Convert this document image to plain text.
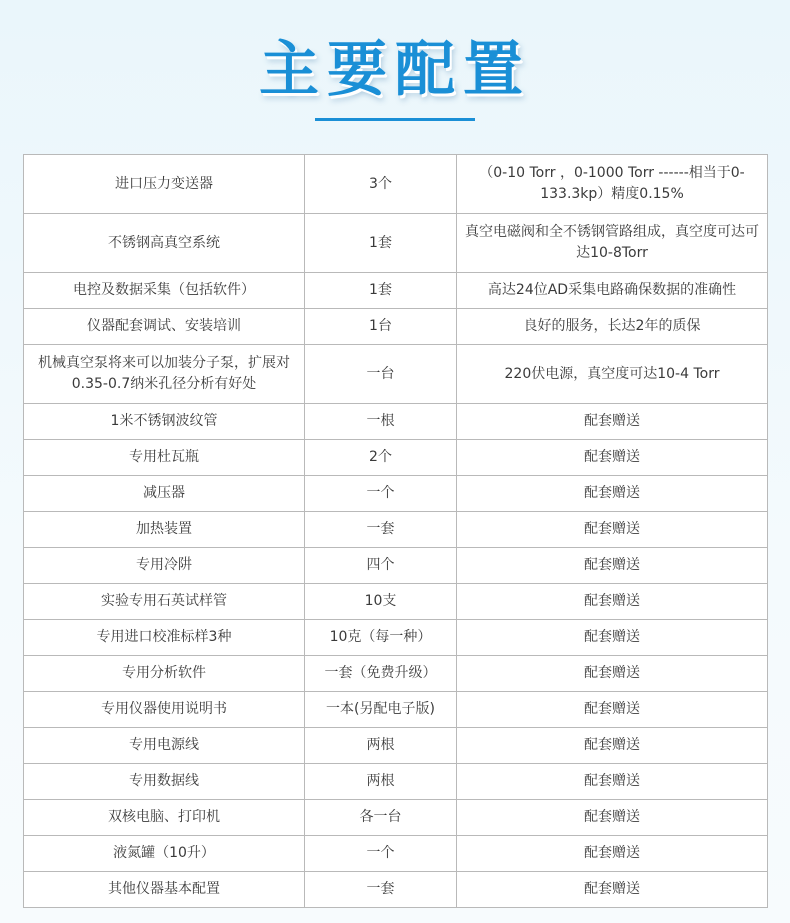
主要配置
进口压力变送器	3个	（0-10 Torr ，0-1000 Torr ------相当于0-133.3kp）精度0.15%
不锈钢高真空系统	1套	真空电磁阀和全不锈钢管路组成，真空度可达可达10-8Torr
电控及数据采集（包括软件）	1套	高达24位AD采集电路确保数据的准确性
仪器配套调试、安装培训	1台	良好的服务，长达2年的质保
机械真空泵将来可以加装分子泵，扩展对0.35-0.7纳米孔径分析有好处	一台	220伏电源，真空度可达10-4 Torr
1米不锈钢波纹管	一根	配套赠送
专用杜瓦瓶	2个	配套赠送
减压器	一个	配套赠送
加热装置	一套	配套赠送
专用冷阱	四个	配套赠送
实验专用石英试样管	10支	配套赠送
专用进口校准标样3种	10克（每一种）	配套赠送
专用分析软件	一套（免费升级）	配套赠送
专用仪器使用说明书	一本(另配电子版)	配套赠送
专用电源线	两根	配套赠送
专用数据线	两根	配套赠送
双核电脑、打印机	各一台	配套赠送
液氮罐（10升）	一个	配套赠送
其他仪器基本配置	一套	配套赠送
